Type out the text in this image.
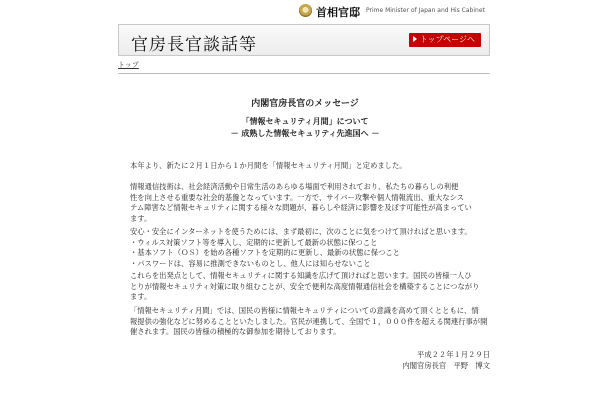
首相官邸 Prime Minister of Japan and His Cabinet
官房長官談話等	トップページへ
トップ
内閣官房長官のメッセージ
「情報セキュリティ月間」について
－ 成熟した情報セキュリティ先進国へ －
本年より、新たに２月１日から１か月間を「情報セキュリティ月間」と定めました。
情報通信技術は、社会経済活動や日常生活のあらゆる場面で利用されており、私たちの暮らしの利便
性を向上させる重要な社会的基盤となっています。一方で、サイバー攻撃や個人情報流出、重大なシス
テム障害など情報セキュリティに関する様々な問題が、暮らしや経済に影響を及ぼす可能性が高まってい
ます。
安心・安全にインターネットを使うためには、まず最初に、次のことに気をつけて頂ければと思います。
・ウィルス対策ソフト等を導入し、定期的に更新して最新の状態に保つこと
・基本ソフト（ＯＳ）を始め各種ソフトを定期的に更新し、最新の状態に保つこと
・パスワードは、容易に推測できないものとし、他人には知らせないこと
これらを出発点として、情報セキュリティに関する知識を広げて頂ければと思います。国民の皆様一人ひ
とりが情報セキュリティ対策に取り組むことが、安全で便利な高度情報通信社会を構築することにつながり
ます。
「情報セキュリティ月間」では、国民の皆様に情報セキュリティについての意識を高めて頂くとともに、情
報提供の強化などに努めることといたしました。官民が連携して、全国で１，０００件を超える関連行事が開
催されます。国民の皆様の積極的な御参加を期待しております。
平成２２年１月２９日
内閣官房長官　平野　博文
